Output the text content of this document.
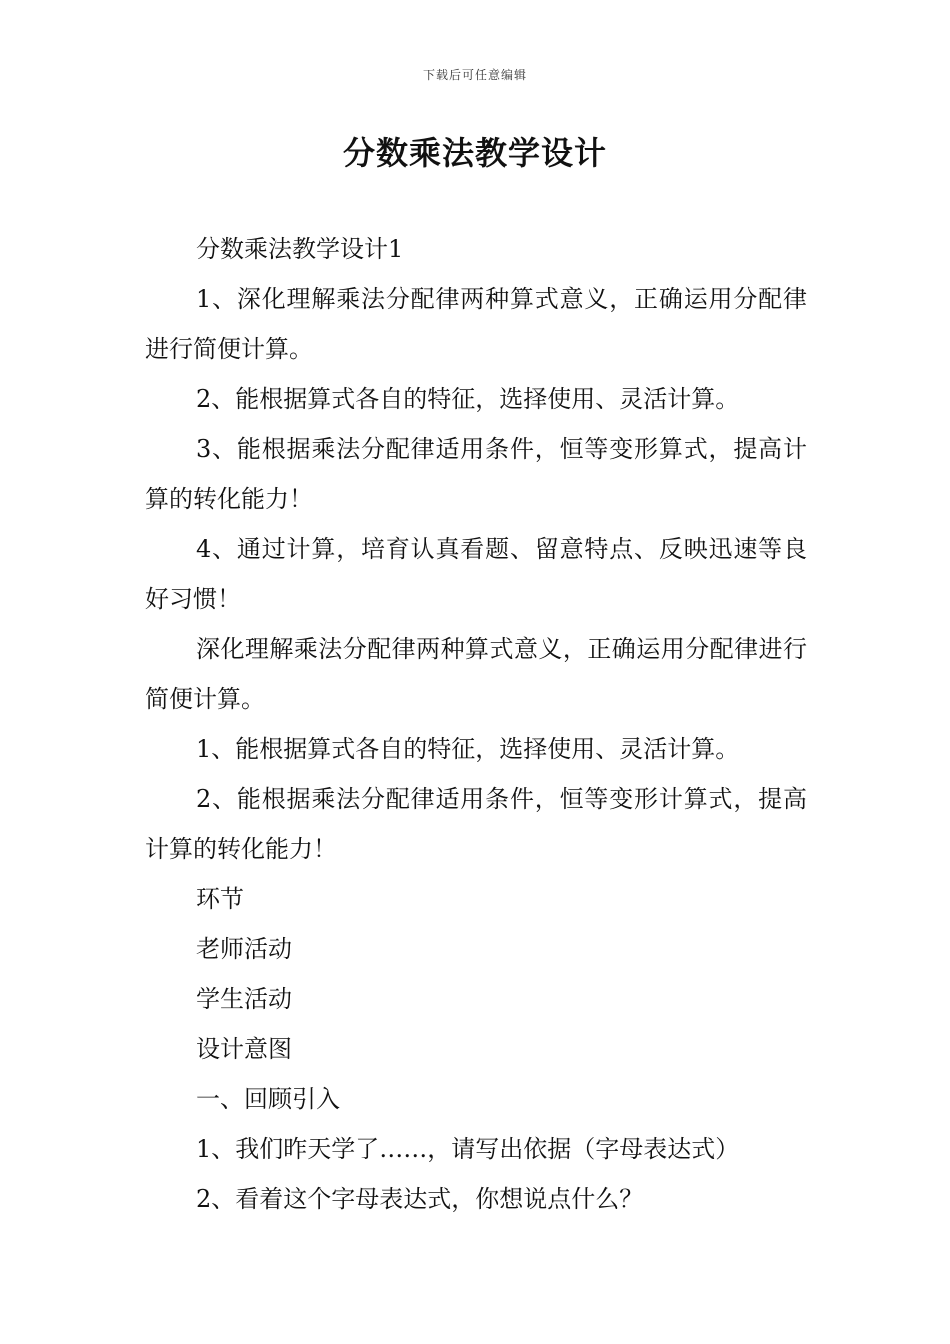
下载后可任意编辑
分数乘法教学设计

分数乘法教学设计1

1、深化理解乘法分配律两种算式意义，正确运用分配律进行简便计算。

2、能根据算式各自的特征，选择使用、灵活计算。

3、能根据乘法分配律适用条件，恒等变形算式，提高计算的转化能力！

4、通过计算，培育认真看题、留意特点、反映迅速等良好习惯！

深化理解乘法分配律两种算式意义，正确运用分配律进行简便计算。

1、能根据算式各自的特征，选择使用、灵活计算。

2、能根据乘法分配律适用条件，恒等变形计算式，提高计算的转化能力！

环节

老师活动

学生活动

设计意图

一、回顾引入

1、我们昨天学了……，请写出依据（字母表达式）

2、看着这个字母表达式，你想说点什么？
